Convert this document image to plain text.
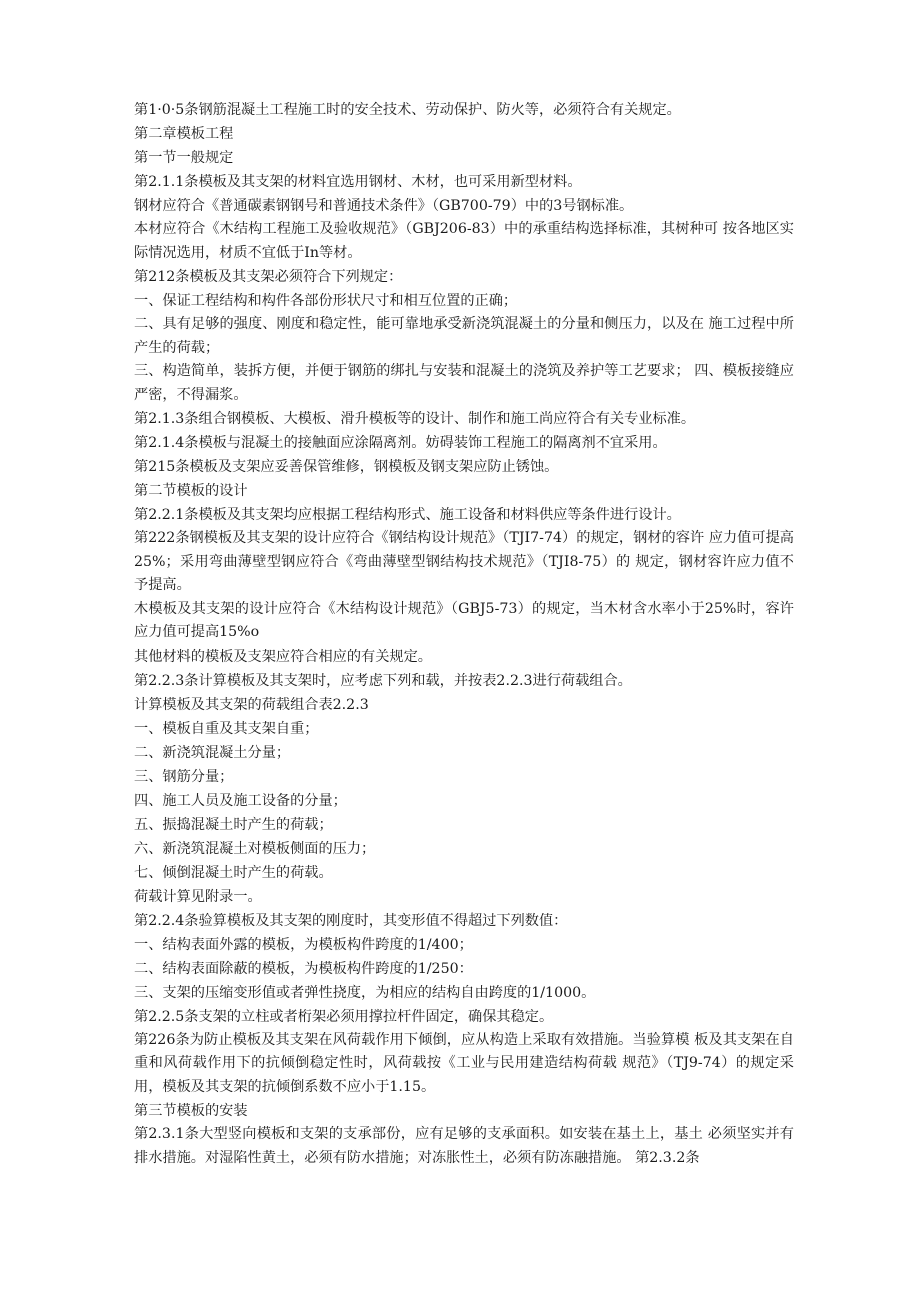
第1·0·5条钢筋混凝土工程施工时的安全技术、劳动保护、防火等，必须符合有关规定。
第二章模板工程
第一节一般规定
第2.1.1条模板及其支架的材料宜选用钢材、木材，也可采用新型材料。
钢材应符合《普通碳素钢钢号和普通技术条件》（GB700-79）中的3号钢标准。
本材应符合《木结构工程施工及验收规范》（GBJ206-83）中的承重结构选择标准，其树种可 按各地区实际情况选用，材质不宜低于In等材。
第212条模板及其支架必须符合下列规定：
一、保证工程结构和构件各部份形状尺寸和相互位置的正确；
二、具有足够的强度、刚度和稳定性，能可靠地承受新浇筑混凝土的分量和侧压力，以及在 施工过程中所产生的荷载；
三、构造简单，装拆方便，并便于钢筋的绑扎与安装和混凝土的浇筑及养护等工艺要求； 四、模板接缝应严密，不得漏浆。
第2.1.3条组合钢模板、大模板、滑升模板等的设计、制作和施工尚应符合有关专业标准。
第2.1.4条模板与混凝土的接触面应涂隔离剂。妨碍装饰工程施工的隔离剂不宜采用。
第215条模板及支架应妥善保管维修，钢模板及钢支架应防止锈蚀。
第二节模板的设计
第2.2.1条模板及其支架均应根据工程结构形式、施工设备和材料供应等条件进行设计。
第222条钢模板及其支架的设计应符合《钢结构设计规范》（TJI7-74）的规定，钢材的容许 应力值可提高25%；采用弯曲薄壁型钢应符合《弯曲薄壁型钢结构技术规范》（TJI8-75）的 规定，钢材容许应力值不予提高。
木模板及其支架的设计应符合《木结构设计规范》（GBJ5-73）的规定，当木材含水率小于25%时，容许应力值可提高15%o
其他材料的模板及支架应符合相应的有关规定。
第2.2.3条计算模板及其支架时，应考虑下列和载，并按表2.2.3进行荷载组合。
计算模板及其支架的荷载组合表2.2.3
一、模板自重及其支架自重；
二、新浇筑混凝土分量；
三、钢筋分量；
四、施工人员及施工设备的分量；
五、振捣混凝土时产生的荷载；
六、新浇筑混凝土对模板侧面的压力；
七、倾倒混凝土时产生的荷载。
荷载计算见附录一。
第2.2.4条验算模板及其支架的刚度时，其变形值不得超过下列数值：
一、结构表面外露的模板，为模板构件跨度的1/400；
二、结构表面除蔽的模板，为模板构件跨度的1/250：
三、支架的压缩变形值或者弹性挠度，为相应的结构自由跨度的1/1000。
第2.2.5条支架的立柱或者桁架必须用撑拉杆件固定，确保其稳定。
第226条为防止模板及其支架在风荷载作用下倾倒，应从构造上采取有效措施。当验算模 板及其支架在自重和风荷载作用下的抗倾倒稳定性时，风荷载按《工业与民用建造结构荷载 规范》（TJ9-74）的规定采用，模板及其支架的抗倾倒系数不应小于1.15。
第三节模板的安装
第2.3.1条大型竖向模板和支架的支承部份，应有足够的支承面积。如安装在基土上，基土 必须坚实并有排水措施。对湿陷性黄土，必须有防水措施；对冻胀性土，必须有防冻融措施。 第2.3.2条
